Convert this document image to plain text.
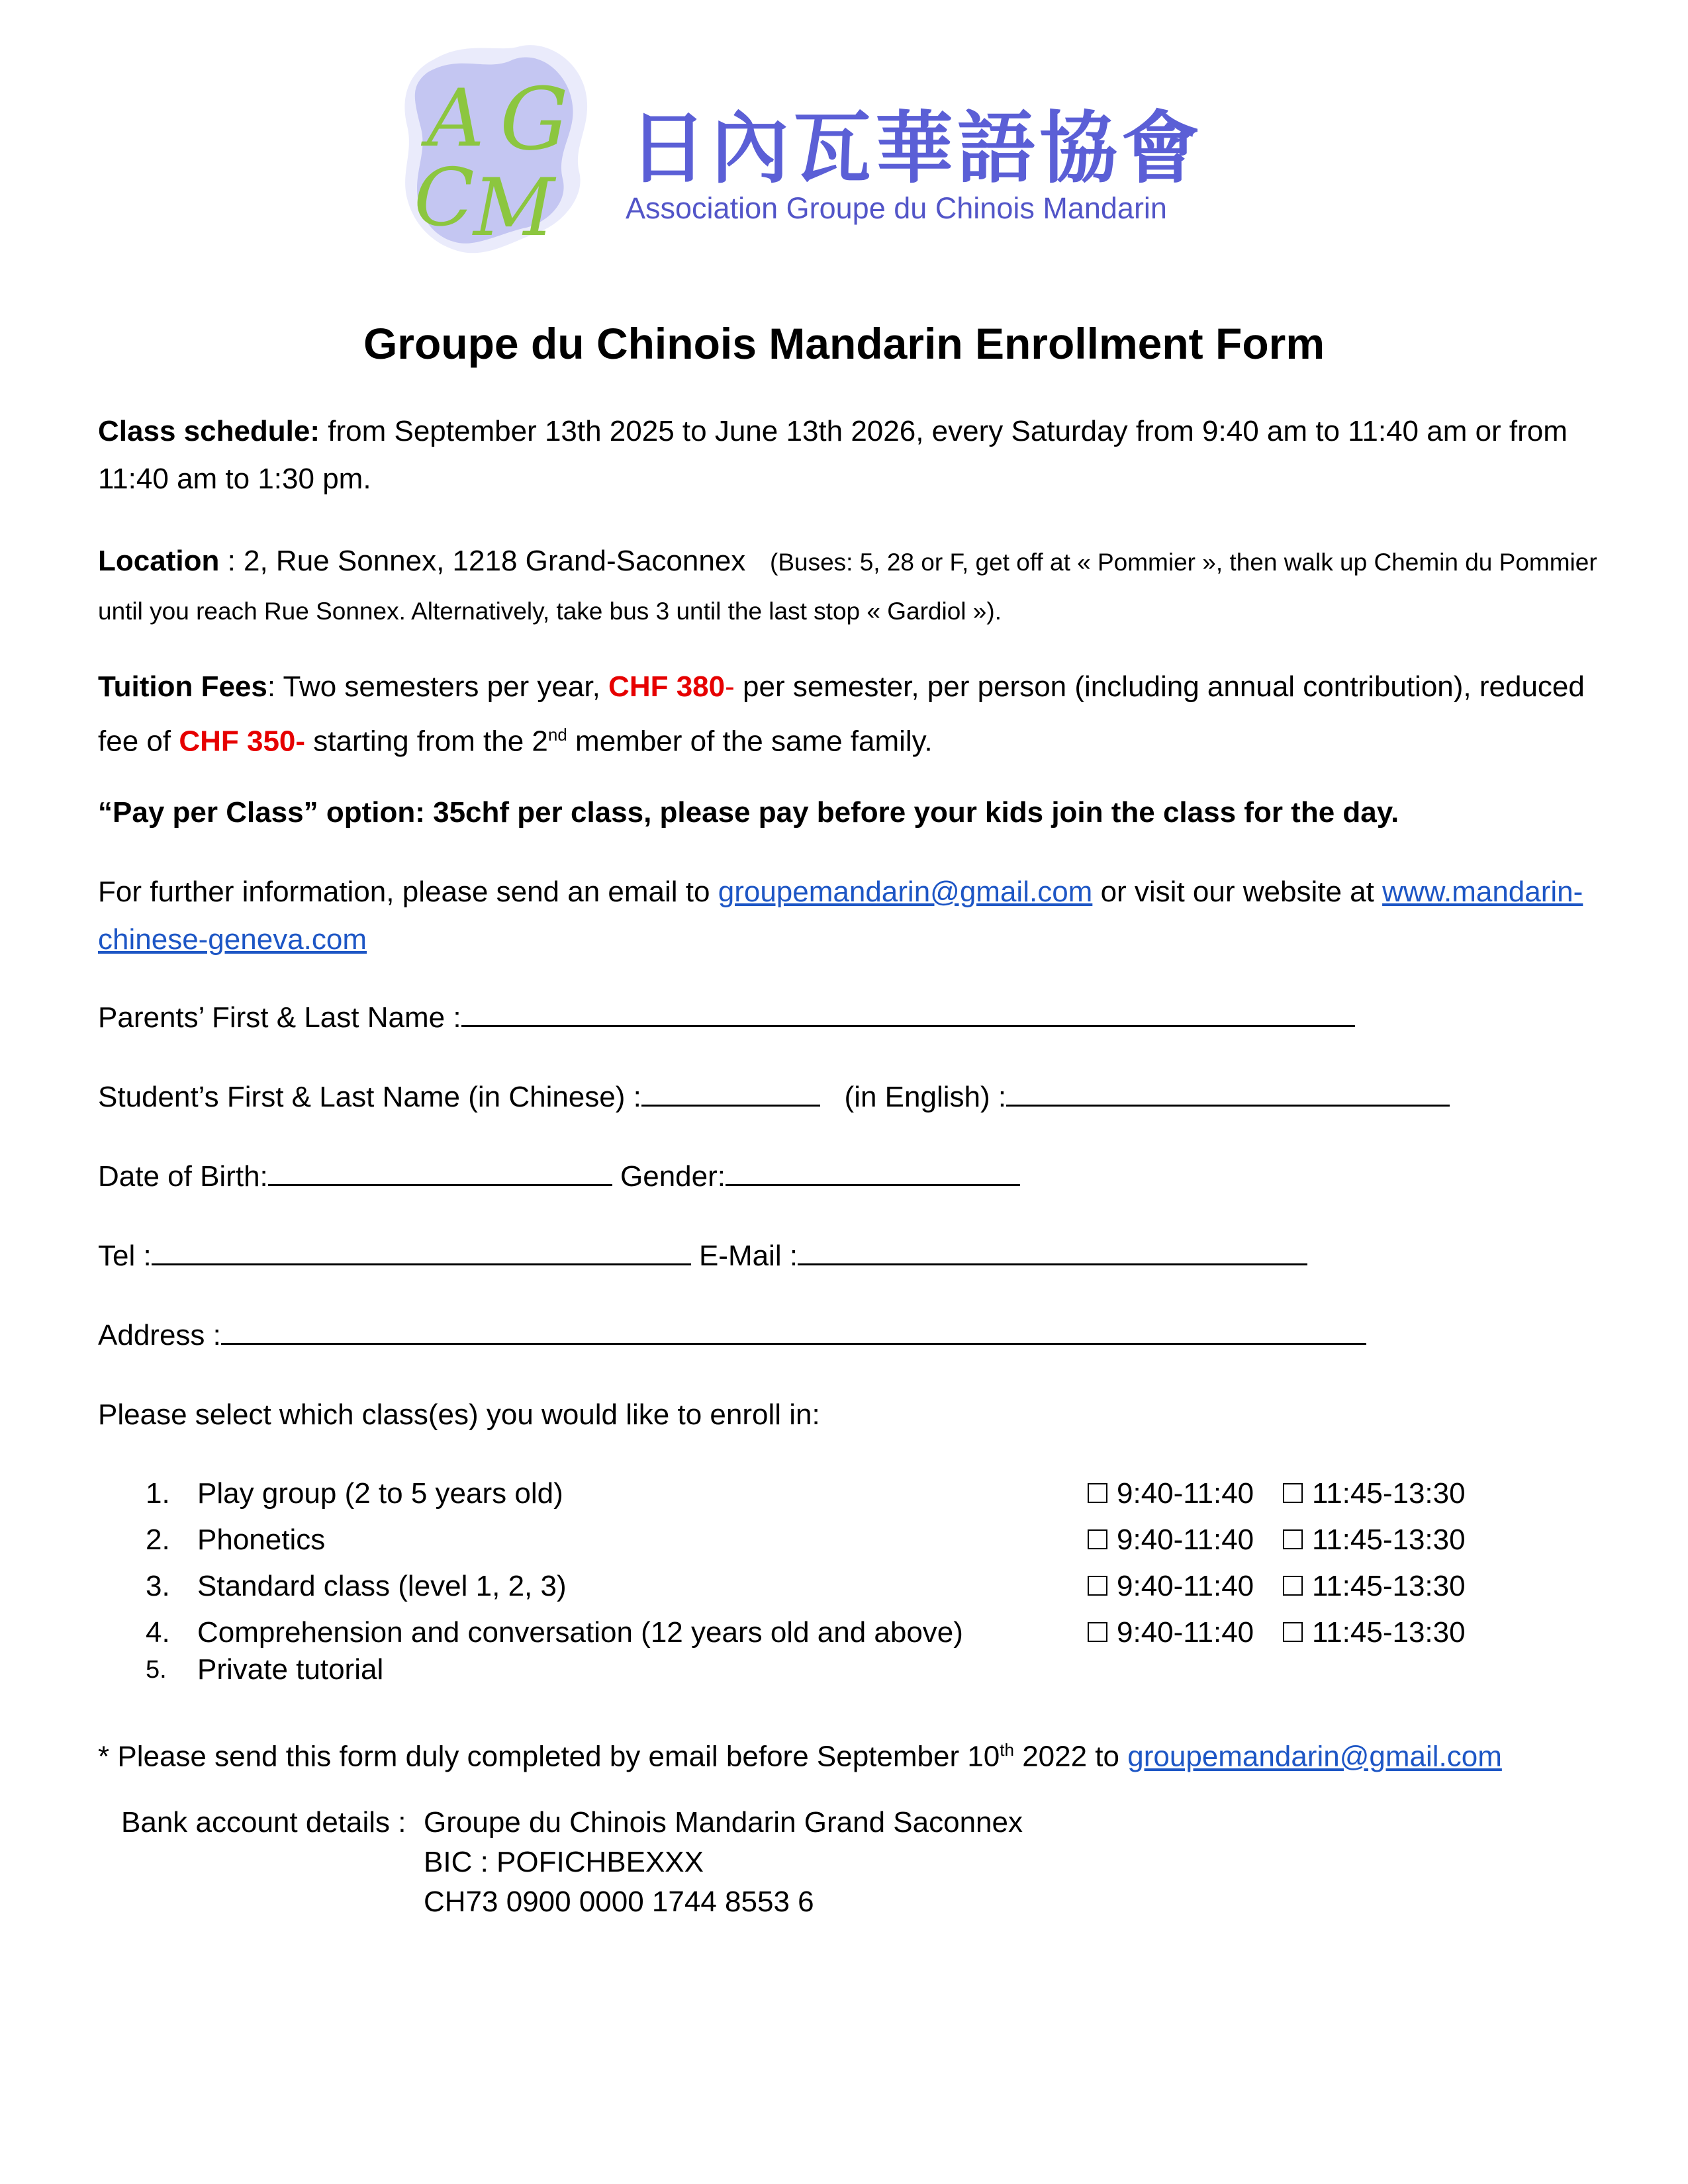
A G
C
M
日內瓦華語協會
Association Groupe du Chinois Mandarin
Groupe du Chinois Mandarin Enrollment Form
Class schedule: from September 13th 2025 to June 13th 2026, every Saturday from 9:40 am to 11:40 am or from 11:40 am to 1:30 pm.
Location : 2, Rue Sonnex, 1218 Grand-Saconnex (Buses: 5, 28 or F, get off at « Pommier », then walk up Chemin du Pommier until you reach Rue Sonnex. Alternatively, take bus 3 until the last stop « Gardiol »).
Tuition Fees: Two semesters per year, CHF 380- per semester, per person (including annual contribution), reduced fee of CHF 350- starting from the 2nd member of the same family.
“Pay per Class” option: 35chf per class, please pay before your kids join the class for the day.
For further information, please send an email to groupemandarin@gmail.com or visit our website at www.mandarin-chinese-geneva.com
Parents’ First & Last Name :
Student’s First & Last Name (in Chinese) :	(in English) :
Date of Birth:	Gender:
Tel :	E-Mail :
Address :
Please select which class(es) you would like to enroll in:
1. Play group (2 to 5 years old)	9:40-11:40	11:45-13:30
2. Phonetics	9:40-11:40	11:45-13:30
3. Standard class (level 1, 2, 3)	9:40-11:40	11:45-13:30
4. Comprehension and conversation (12 years old and above)	9:40-11:40	11:45-13:30
5. Private tutorial
* Please send this form duly completed by email before September 10th 2022 to groupemandarin@gmail.com
Bank account details : Groupe du Chinois Mandarin Grand Saconnex
BIC : POFICHBEXXX
CH73 0900 0000 1744 8553 6
